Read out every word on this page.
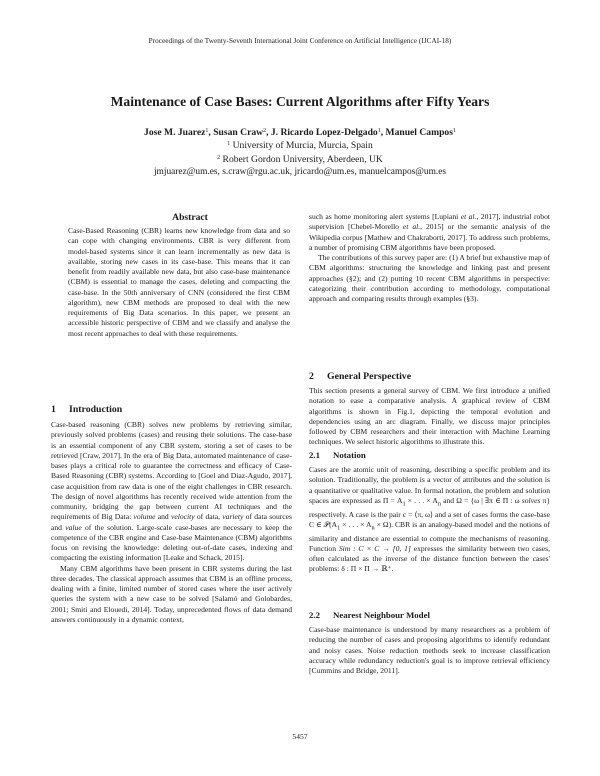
Proceedings of the Twenty-Seventh International Joint Conference on Artificial Intelligence (IJCAI-18)
Maintenance of Case Bases: Current Algorithms after Fifty Years
Jose M. Juarez$^1$, Susan Craw$^2$, J. Ricardo Lopez-Delgado$^1$, Manuel Campos$^1$
$^1$ University of Murcia, Murcia, Spain
$^2$ Robert Gordon University, Aberdeen, UK
jmjuarez@um.es, s.craw@rgu.ac.uk, jricardo@um.es, manuelcampos@um.es
Abstract

Case-Based Reasoning (CBR) learns new knowledge from data and so can cope with changing environments. CBR is very different from model-based systems since it can learn incrementally as new data is available, storing new cases in its case-base. This means that it can benefit from readily available new data, but also case-base maintenance (CBM) is essential to manage the cases, deleting and compacting the case-base. In the 50th anniversary of CNN (considered the first CBM algorithm), new CBM methods are proposed to deal with the new requirements of Big Data scenarios. In this paper, we present an accessible historic perspective of CBM and we classify and analyse the most recent approaches to deal with these requirements.

1 Introduction

Case-based reasoning (CBR) solves new problems by retrieving similar, previously solved problems (cases) and reusing their solutions. The case-base is an essential component of any CBR system, storing a set of cases to be retrieved [Craw, 2017]. In the era of Big Data, automated maintenance of case-bases plays a critical role to guarantee the correctness and efficacy of Case-Based Reasoning (CBR) systems. According to [Goel and Diaz-Agudo, 2017], case acquisition from raw data is one of the eight challenges in CBR research. The design of novel algorithms has recently received wide attention from the community, bridging the gap between current AI techniques and the requirements of Big Data: volume and velocity of data, variety of data sources and value of the solution. Large-scale case-bases are necessary to keep the competence of the CBR engine and Case-base Maintenance (CBM) algorithms focus on revising the knowledge: deleting out-of-date cases, indexing and compacting the existing information [Leake and Schack, 2015].

Many CBM algorithms have been present in CBR systems during the last three decades. The classical approach assumes that CBM is an offline process, dealing with a finite, limited number of stored cases where the user actively queries the system with a new case to be solved [Salamó and Golobardes, 2001; Smiti and Elouedi, 2014]. Today, unprecedented flows of data demand answers continuously in a dynamic context,

such as home monitoring alert systems [Lupiani et al., 2017], industrial robot supervision [Chebel-Morello et al., 2015] or the semantic analysis of the Wikipedia corpus [Mathew and Chakraborti, 2017]. To address such problems, a number of promising CBM algorithms have been proposed.

The contributions of this survey paper are: (1) A brief but exhaustive map of CBM algorithms: structuring the knowledge and linking past and present approaches (§2); and (2) putting 10 recent CBM algorithms in perspective: categorizing their contribution according to methodology, computational approach and comparing results through examples (§3).

2 General Perspective

This section presents a general survey of CBM. We first introduce a unified notation to ease a comparative analysis. A graphical review of CBM algorithms is shown in Fig.1, depicting the temporal evolution and dependencies using an arc diagram. Finally, we discuss major principles followed by CBM researchers and their interaction with Machine Learning techniques. We select historic algorithms to illustrate this.

2.1 Notation

Cases are the atomic unit of reasoning, describing a specific problem and its solution. Traditionally, the problem is a vector of attributes and the solution is a quantitative or qualitative value. In formal notation, the problem and solution spaces are expressed as $\Pi = A_1$ × . . . × $A_n$ and Ω = {ω | ∃π ∈ Π : ω solves π} respectively. A case is the pair c = ⟨π, ω⟩ and a set of cases forms the case-base C ∈ $𝒫(A_1$ × . . . × $A_n \times \Omega$). CBR is an analogy-based model and the notions of similarity and distance are essential to compute the mechanisms of reasoning. Function Sim : C × C → [0, 1] expresses the similarity between two cases, often calculated as the inverse of the distance function between the cases' problems: δ : Π × Π → ℝ⁺.

2.2 Nearest Neighbour Model

Case-base maintenance is understood by many researchers as a problem of reducing the number of cases and proposing algorithms to identify redundant and noisy cases. Noise reduction methods seek to increase classification accuracy while redundancy reduction's goal is to improve retrieval efficiency [Cummins and Bridge, 2011].

5457
